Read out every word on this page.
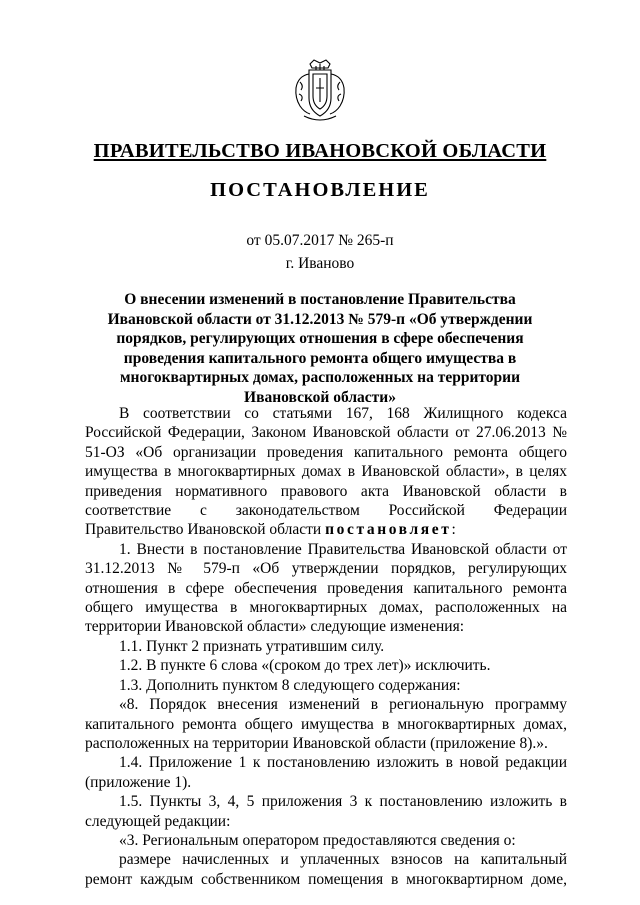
ПРАВИТЕЛЬСТВО ИВАНОВСКОЙ ОБЛАСТИ
ПОСТАНОВЛЕНИЕ
от 05.07.2017 № 265-п
г. Иваново
О внесении изменений в постановление Правительства Ивановской области от 31.12.2013 № 579-п «Об утверждении порядков, регулирующих отношения в сфере обеспечения проведения капитального ремонта общего имущества в многоквартирных домах, расположенных на территории Ивановской области»

В соответствии со статьями 167, 168 Жилищного кодекса Российской Федерации, Законом Ивановской области от 27.06.2013 № 51-ОЗ «Об организации проведения капитального ремонта общего имущества в многоквартирных домах в Ивановской области», в целях приведения нормативного правового акта Ивановской области в соответствие с законодательством Российской Федерации Правительство Ивановской области постановляет:

1. Внести в постановление Правительства Ивановской области от 31.12.2013 № 579-п «Об утверждении порядков, регулирующих отношения в сфере обеспечения проведения капитального ремонта общего имущества в многоквартирных домах, расположенных на территории Ивановской области» следующие изменения:

1.1. Пункт 2 признать утратившим силу.

1.2. В пункте 6 слова «(сроком до трех лет)» исключить.

1.3. Дополнить пунктом 8 следующего содержания:

«8. Порядок внесения изменений в региональную программу капитального ремонта общего имущества в многоквартирных домах, расположенных на территории Ивановской области (приложение 8).».

1.4. Приложение 1 к постановлению изложить в новой редакции (приложение 1).

1.5. Пункты 3, 4, 5 приложения 3 к постановлению изложить в следующей редакции:

«3. Региональным оператором предоставляются сведения о:

размере начисленных и уплаченных взносов на капитальный ремонт каждым собственником помещения в многоквартирном доме,
